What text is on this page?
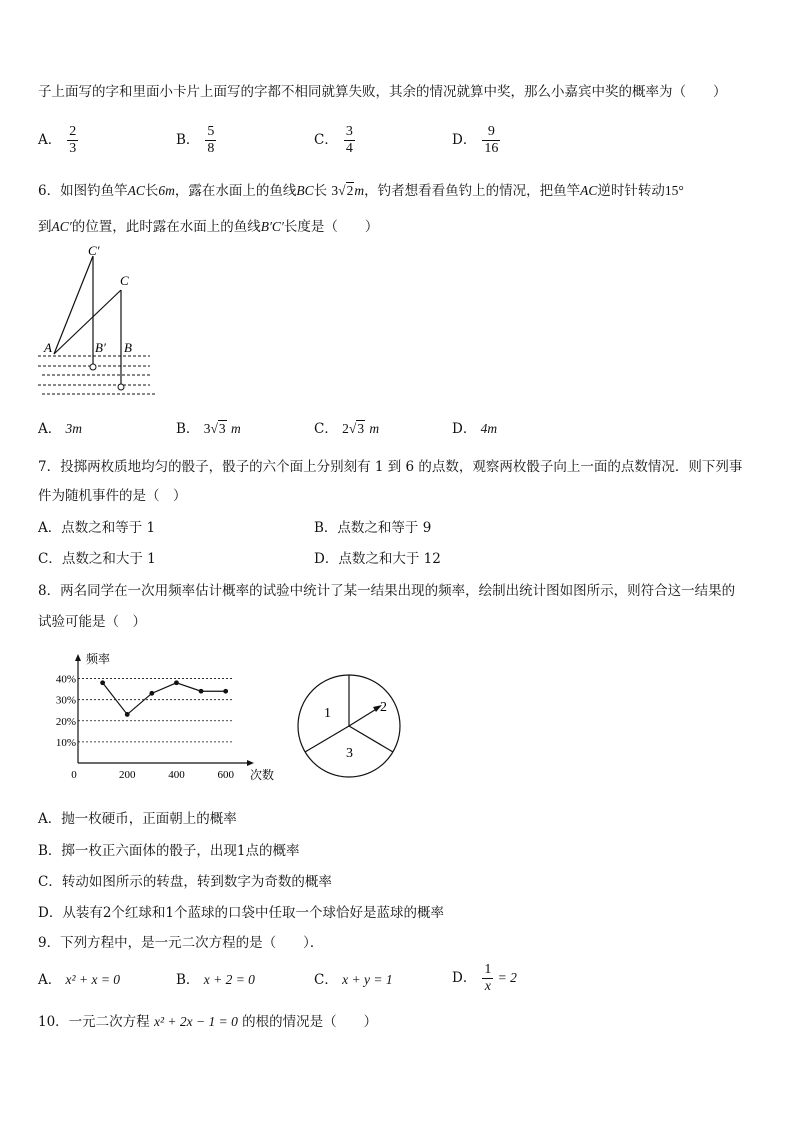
子上面写的字和里面小卡片上面写的字都不相同就算失败，其余的情况就算中奖，那么小嘉宾中奖的概率为（　　）
A． $\frac{2}{3}$	B． $\frac{5}{8}$	C． $\frac{3}{4}$	D． $\frac{9}{16}$
6．如图钓鱼竿AC长6m，露在水面上的鱼线BC长 3√2m，钓者想看看鱼钓上的情况，把鱼竿AC逆时针转动15°
到AC′的位置，此时露在水面上的鱼线B′C′长度是（　　）
C′
C
A	B′ B
A． 3m	B． 3√3 m	C． 2√3 m	D． 4m
7．投掷两枚质地均匀的骰子，骰子的六个面上分别刻有 1 到 6 的点数，观察两枚骰子向上一面的点数情况．则下列事
件为随机事件的是（　）
A．点数之和等于 1	B．点数之和等于 9
C．点数之和大于 1	D．点数之和大于 12
8．两名同学在一次用频率估计概率的试验中统计了某一结果出现的频率，绘制出统计图如图所示，则符合这一结果的
试验可能是（　）
10%
20%
30%
40%
0	200	400	600
频率
次数
1	2
3
A．抛一枚硬币，正面朝上的概率
B．掷一枚正六面体的骰子，出现1点的概率
C．转动如图所示的转盘，转到数字为奇数的概率
D．从装有2个红球和1个蓝球的口袋中任取一个球恰好是蓝球的概率
9．下列方程中，是一元二次方程的是（　　）．
A． x² + x = 0	B． x + 2 = 0	C． x + y = 1	D． $\frac{1}{x} = 2$
10．一元二次方程 x² + 2x − 1 = 0 的根的情况是（　　）
